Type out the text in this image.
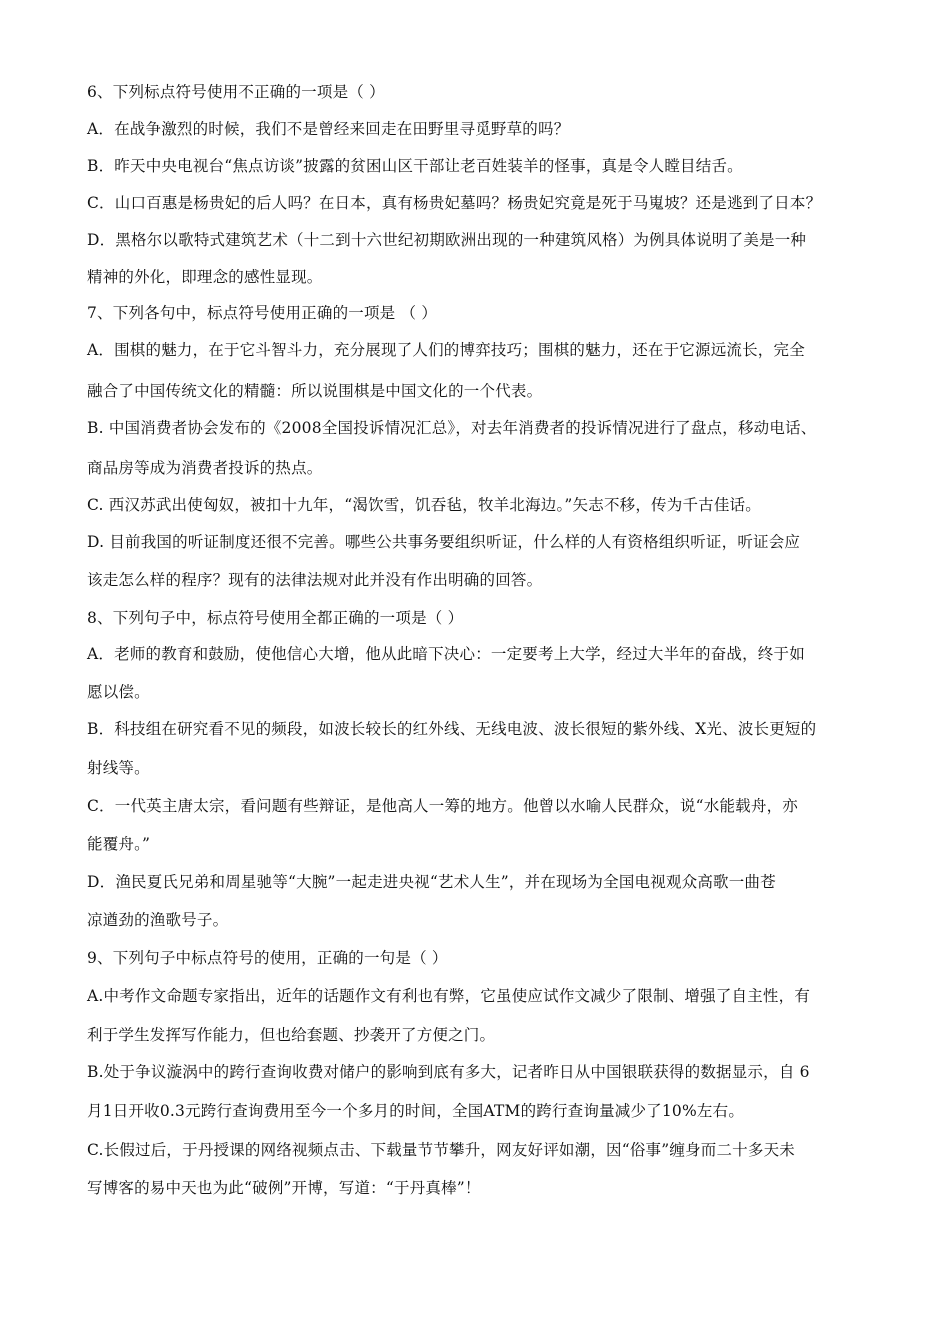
6、下列标点符号使用不正确的一项是（ ）
A．在战争激烈的时候，我们不是曾经来回走在田野里寻觅野草的吗？
B．昨天中央电视台“焦点访谈”披露的贫困山区干部让老百姓装羊的怪事，真是令人瞠目结舌。
C．山口百惠是杨贵妃的后人吗？在日本，真有杨贵妃墓吗？杨贵妃究竟是死于马嵬坡？还是逃到了日本？
D．黑格尔以歌特式建筑艺术（十二到十六世纪初期欧洲出现的一种建筑风格）为例具体说明了美是一种
精神的外化，即理念的感性显现。
7、下列各句中，标点符号使用正确的一项是 （ ）
A．围棋的魅力，在于它斗智斗力，充分展现了人们的博弈技巧；围棋的魅力，还在于它源远流长，完全
融合了中国传统文化的精髓：所以说围棋是中国文化的一个代表。
B. 中国消费者协会发布的《2008全国投诉情况汇总》，对去年消费者的投诉情况进行了盘点，移动电话、
商品房等成为消费者投诉的热点。
C. 西汉苏武出使匈奴，被扣十九年，“渴饮雪，饥吞毡，牧羊北海边。”矢志不移，传为千古佳话。
D. 目前我国的听证制度还很不完善。哪些公共事务要组织听证，什么样的人有资格组织听证，听证会应
该走怎么样的程序？现有的法律法规对此并没有作出明确的回答。
8、下列句子中，标点符号使用全都正确的一项是（ ）
A．老师的教育和鼓励，使他信心大增，他从此暗下决心：一定要考上大学，经过大半年的奋战，终于如
愿以偿。
B．科技组在研究看不见的频段，如波长较长的红外线、无线电波、波长很短的紫外线、X光、波长更短的
射线等。
C．一代英主唐太宗，看问题有些辩证，是他高人一筹的地方。他曾以水喻人民群众，说“水能载舟，亦
能覆舟。”
D．渔民夏氏兄弟和周星驰等“大腕”一起走进央视“艺术人生”，并在现场为全国电视观众高歌一曲苍
凉遒劲的渔歌号子。
9、下列句子中标点符号的使用，正确的一句是（ ）
A.中考作文命题专家指出，近年的话题作文有利也有弊，它虽使应试作文减少了限制、增强了自主性，有
利于学生发挥写作能力，但也给套题、抄袭开了方便之门。
B.处于争议漩涡中的跨行查询收费对储户的影响到底有多大，记者昨日从中国银联获得的数据显示，自 6
月1日开收0.3元跨行查询费用至今一个多月的时间，全国ATM的跨行查询量减少了10%左右。
C.长假过后，于丹授课的网络视频点击、下载量节节攀升，网友好评如潮，因“俗事”缠身而二十多天未
写博客的易中天也为此“破例”开博，写道：“于丹真棒”！
